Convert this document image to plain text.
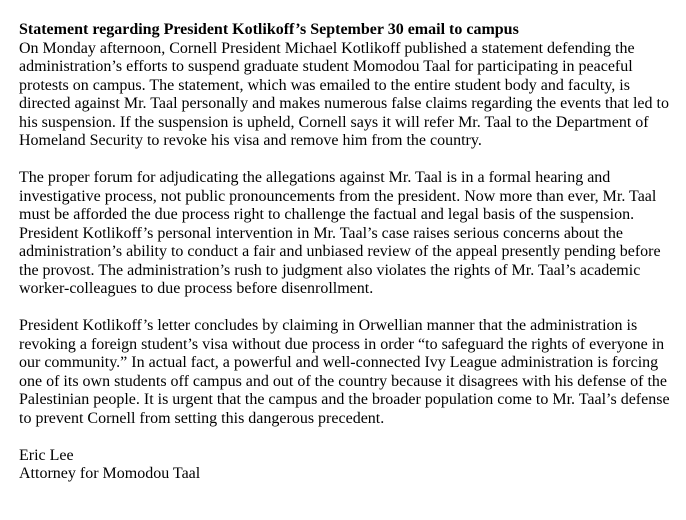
Statement regarding President Kotlikoff’s September 30 email to campus

On Monday afternoon, Cornell President Michael Kotlikoff published a statement defending the administration’s efforts to suspend graduate student Momodou Taal for participating in peaceful protests on campus. The statement, which was emailed to the entire student body and faculty, is directed against Mr. Taal personally and makes numerous false claims regarding the events that led to his suspension. If the suspension is upheld, Cornell says it will refer Mr. Taal to the Department of Homeland Security to revoke his visa and remove him from the country.

The proper forum for adjudicating the allegations against Mr. Taal is in a formal hearing and investigative process, not public pronouncements from the president. Now more than ever, Mr. Taal must be afforded the due process right to challenge the factual and legal basis of the suspension. President Kotlikoff’s personal intervention in Mr. Taal’s case raises serious concerns about the administration’s ability to conduct a fair and unbiased review of the appeal presently pending before the provost. The administration’s rush to judgment also violates the rights of Mr. Taal’s academic worker-colleagues to due process before disenrollment.

President Kotlikoff’s letter concludes by claiming in Orwellian manner that the administration is revoking a foreign student’s visa without due process in order “to safeguard the rights of everyone in our community.” In actual fact, a powerful and well-connected Ivy League administration is forcing one of its own students off campus and out of the country because it disagrees with his defense of the Palestinian people. It is urgent that the campus and the broader population come to Mr. Taal’s defense to prevent Cornell from setting this dangerous precedent.

Eric Lee
Attorney for Momodou Taal
